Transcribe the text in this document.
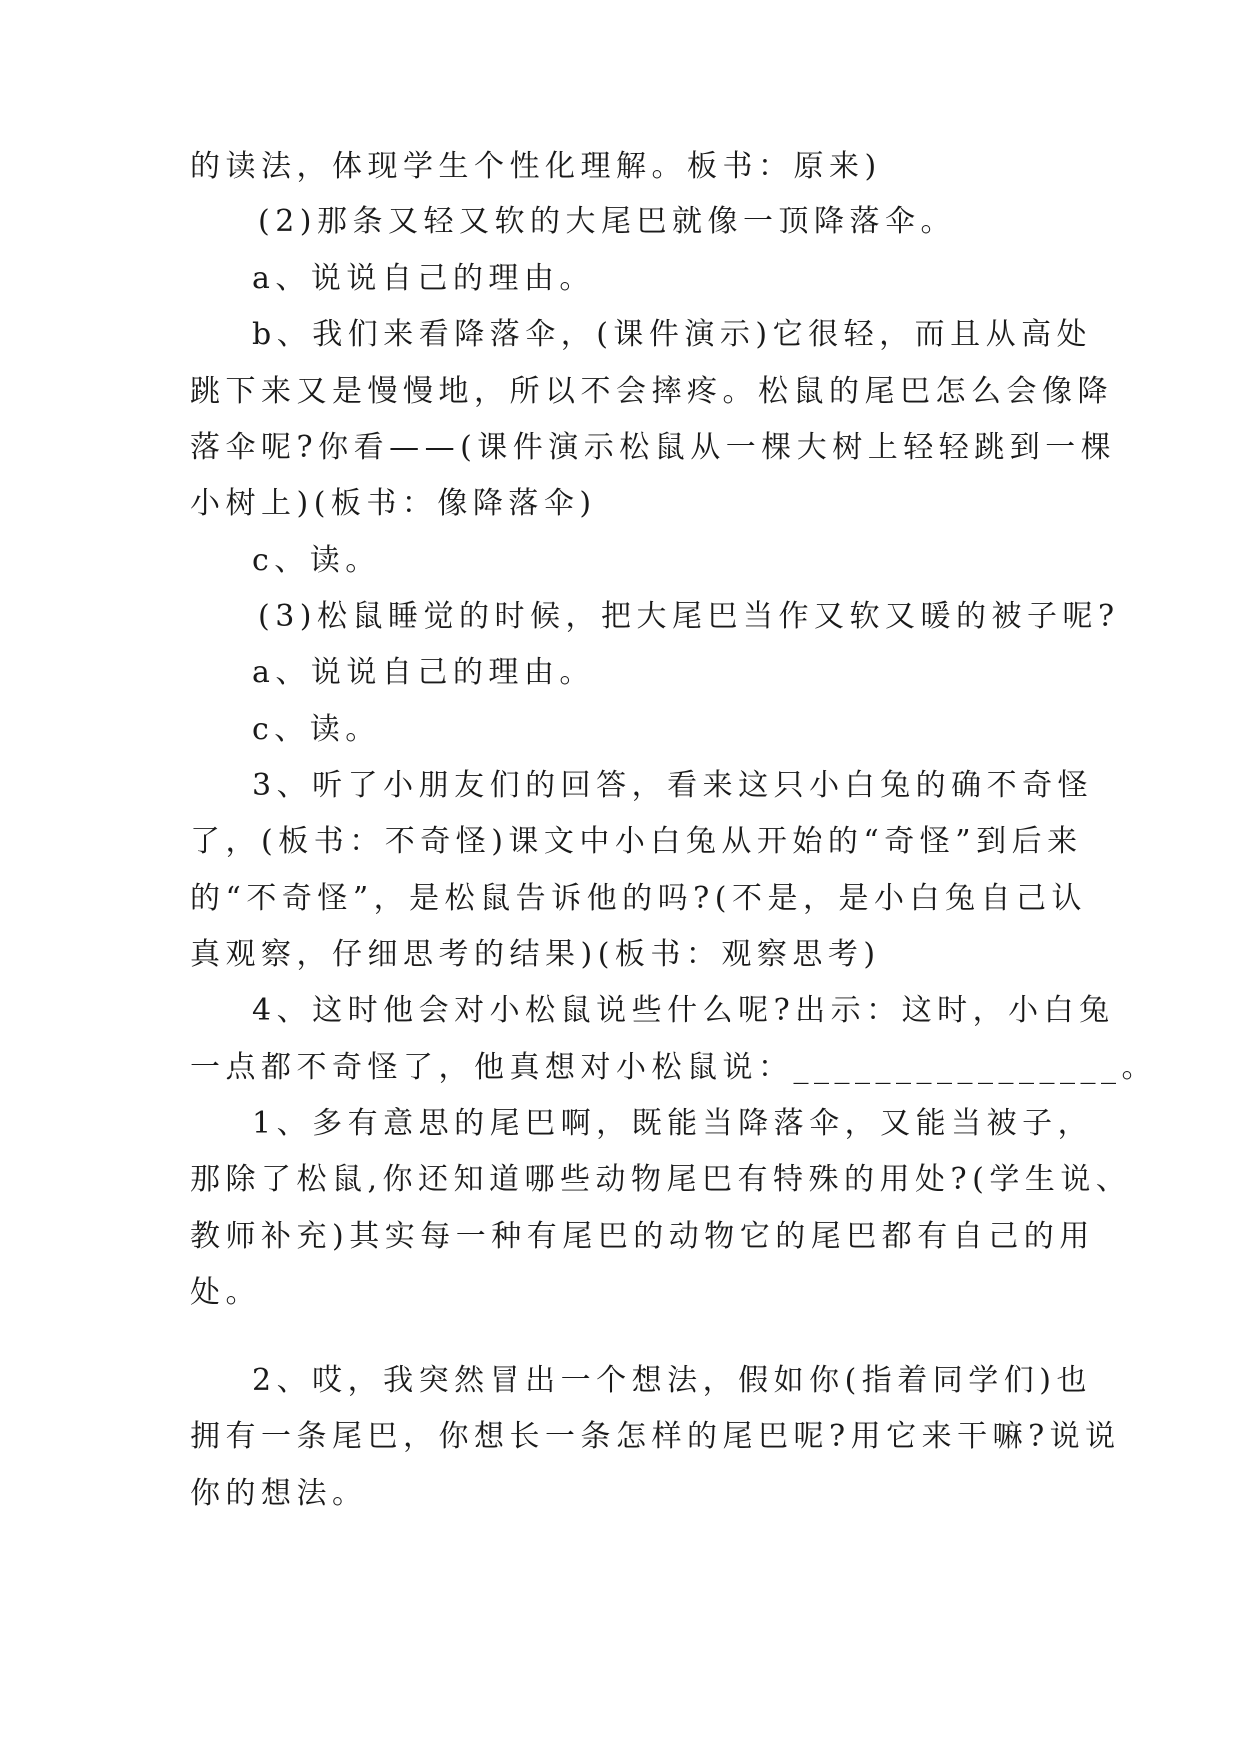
的读法，体现学生个性化理解。板书：原来)
(2)那条又轻又软的大尾巴就像一顶降落伞。
a、说说自己的理由。
b、我们来看降落伞，(课件演示)它很轻，而且从高处
跳下来又是慢慢地，所以不会摔疼。松鼠的尾巴怎么会像降
落伞呢?你看——(课件演示松鼠从一棵大树上轻轻跳到一棵
小树上)(板书：像降落伞)
c、读。
(3)松鼠睡觉的时候，把大尾巴当作又软又暖的被子呢?
a、说说自己的理由。
c、读。
3、听了小朋友们的回答，看来这只小白兔的确不奇怪
了，(板书：不奇怪)课文中小白兔从开始的“奇怪”到后来
的“不奇怪”，是松鼠告诉他的吗?(不是，是小白兔自己认
真观察，仔细思考的结果)(板书：观察思考)
4、这时他会对小松鼠说些什么呢?出示：这时，小白兔
一点都不奇怪了，他真想对小松鼠说：________________。
1、多有意思的尾巴啊，既能当降落伞，又能当被子，
那除了松鼠,你还知道哪些动物尾巴有特殊的用处?(学生说、
教师补充)其实每一种有尾巴的动物它的尾巴都有自己的用
处。
2、哎，我突然冒出一个想法，假如你(指着同学们)也
拥有一条尾巴，你想长一条怎样的尾巴呢?用它来干嘛?说说
你的想法。
